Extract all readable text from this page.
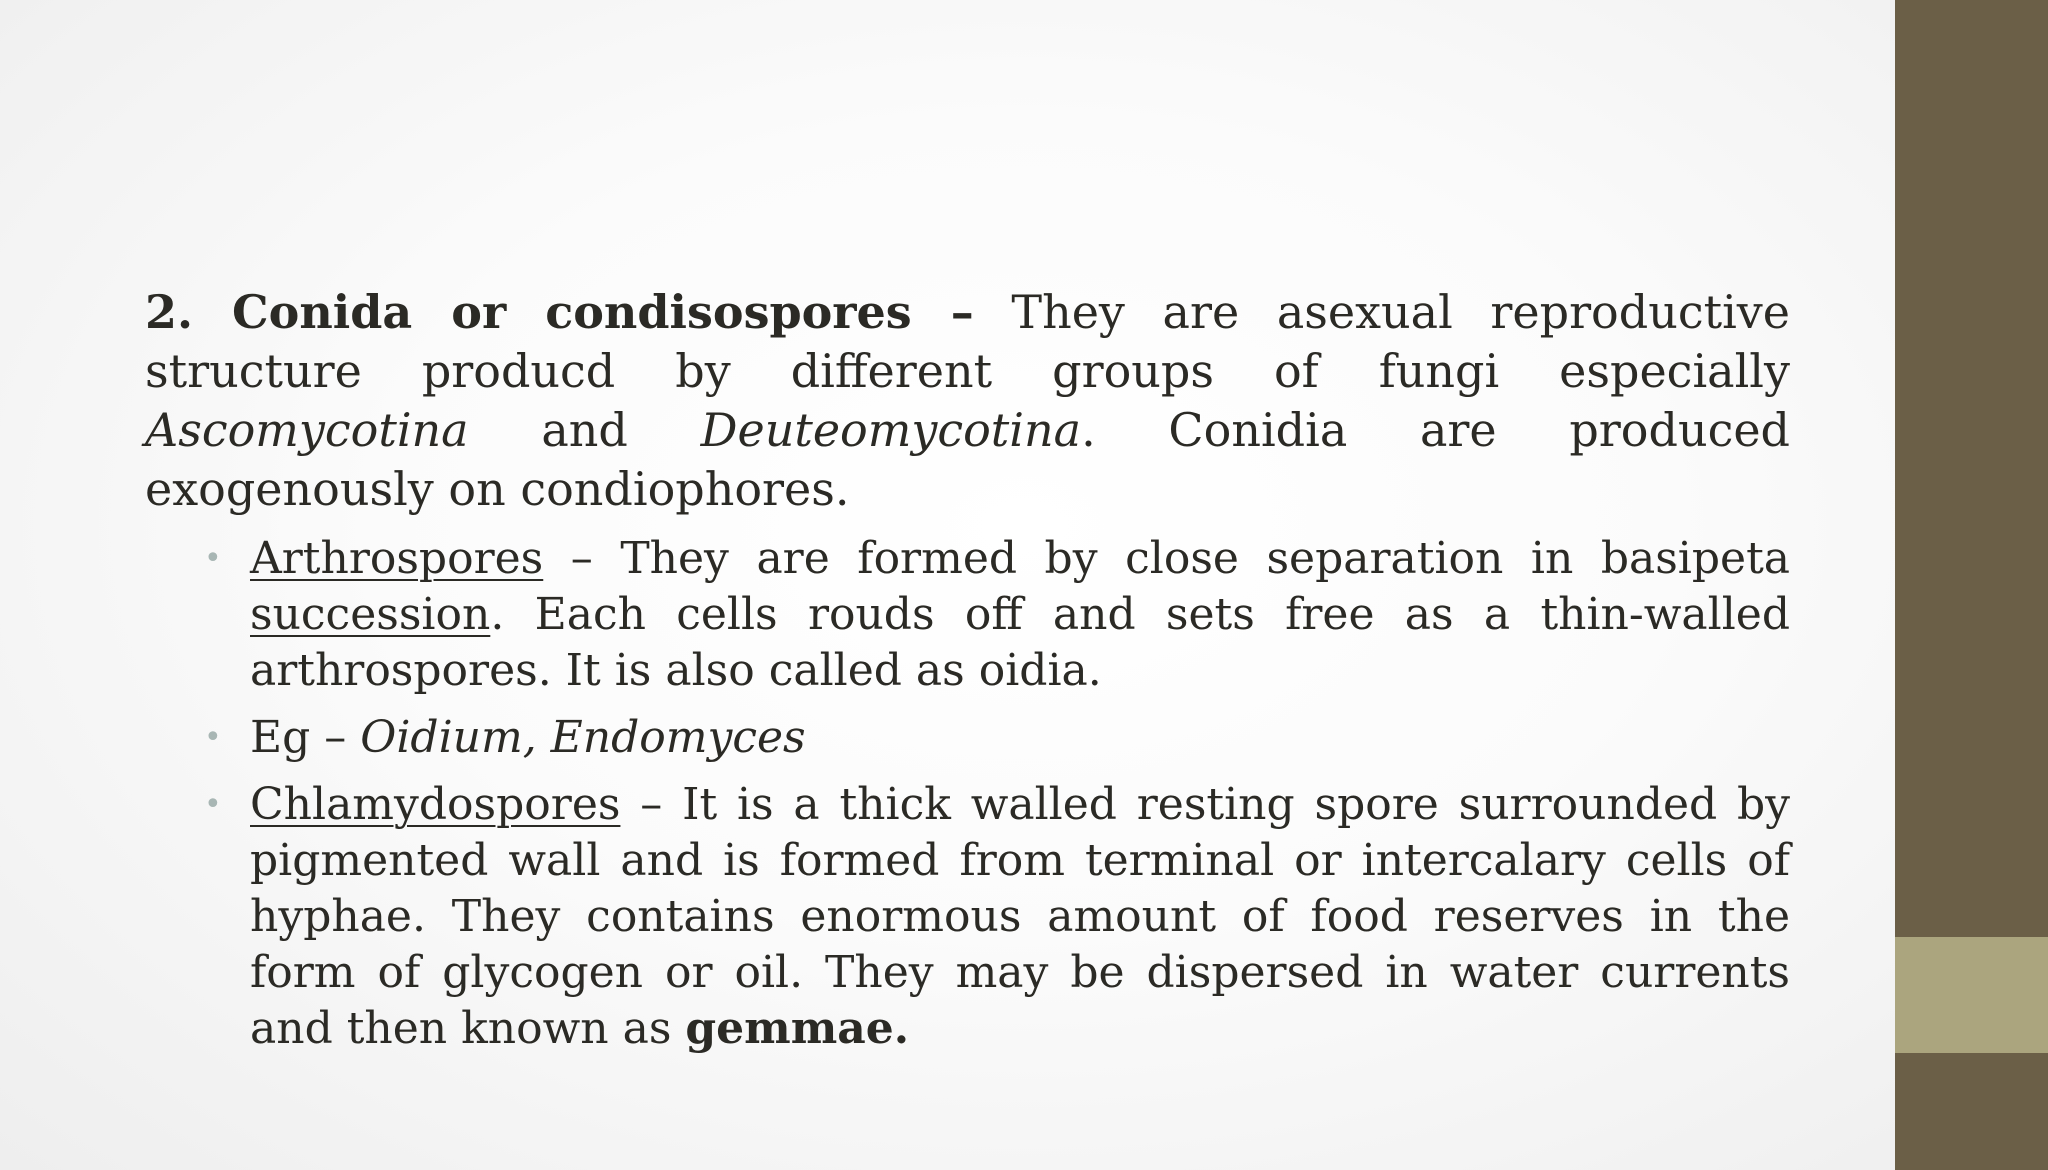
2. Conida or condisospores – They are asexual reproductive structure producd by different groups of fungi especially Ascomycotina and Deuteomycotina. Conidia are produced exogenously on condiophores.

• Arthrospores – They are formed by close separation in basipeta succession. Each cells rouds off and sets free as a thin-walled arthrospores. It is also called as oidia.
• Eg – Oidium, Endomyces
• Chlamydospores – It is a thick walled resting spore surrounded by pigmented wall and is formed from terminal or intercalary cells of hyphae. They contains enormous amount of food reserves in the form of glycogen or oil. They may be dispersed in water currents and then known as gemmae.
